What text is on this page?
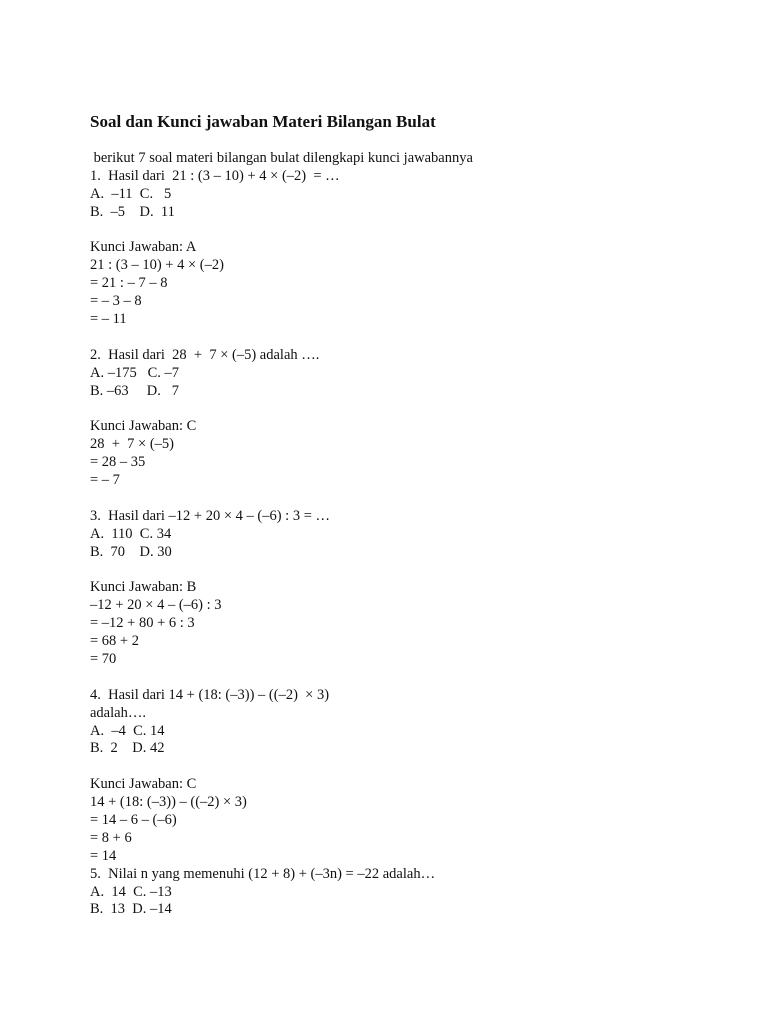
Soal dan Kunci jawaban Materi Bilangan Bulat
berikut 7 soal materi bilangan bulat dilengkapi kunci jawabannya
1.  Hasil dari  21 : (3 – 10) + 4 × (–2)  = …
A.  –11  C.   5
B.  –5    D.  11
Kunci Jawaban: A
21 : (3 – 10) + 4 × (–2)
= 21 : – 7 – 8
= – 3 – 8
= – 11
2.  Hasil dari  28  +  7 × (–5) adalah ….
A. –175   C. –7
B. –63     D.   7
Kunci Jawaban: C
28  +  7 × (–5)
= 28 – 35
= – 7
3.  Hasil dari –12 + 20 × 4 – (–6) : 3 = …
A.  110  C. 34
B.  70    D. 30
Kunci Jawaban: B
–12 + 20 × 4 – (–6) : 3
= –12 + 80 + 6 : 3
= 68 + 2
= 70
4.  Hasil dari 14 + (18: (–3)) – ((–2)  × 3)
adalah….
A.  –4  C. 14
B.  2    D. 42
Kunci Jawaban: C
14 + (18: (–3)) – ((–2) × 3)
= 14 – 6 – (–6)
= 8 + 6
= 14
5.  Nilai n yang memenuhi (12 + 8) + (–3n) = –22 adalah…
A.  14  C. –13
B.  13  D. –14
